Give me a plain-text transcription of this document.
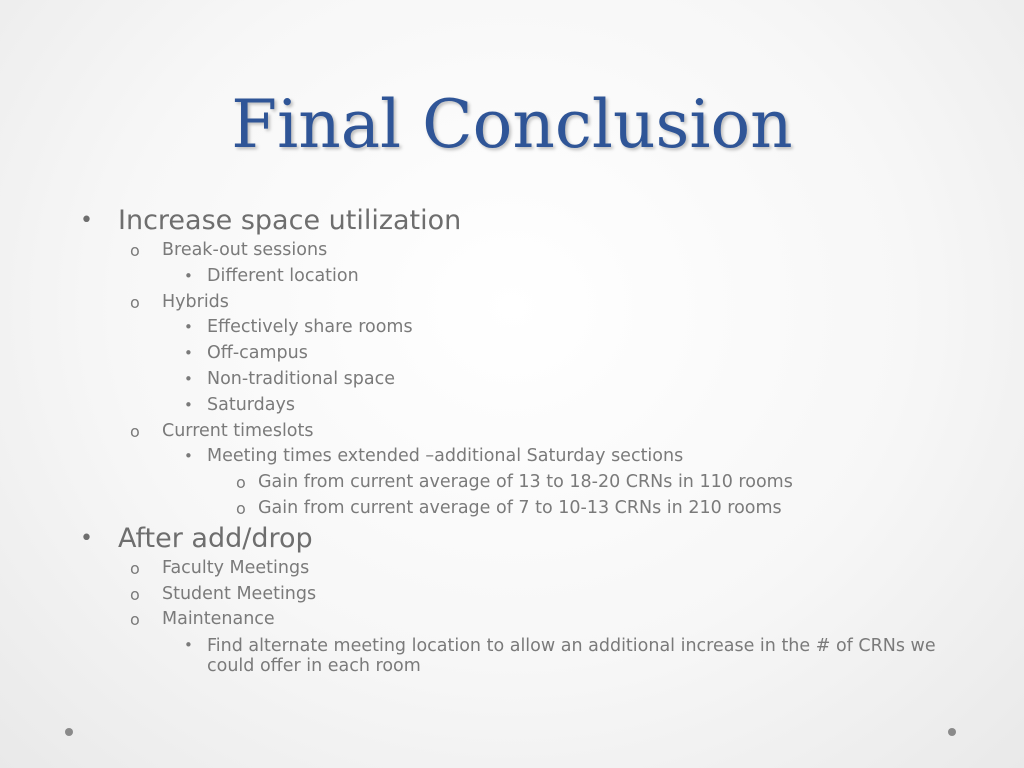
Final Conclusion
• Increase space utilization
o Break-out sessions
• Different location
o Hybrids
• Effectively share rooms
• Off-campus
• Non-traditional space
• Saturdays
o Current timeslots
• Meeting times extended –additional Saturday sections
o Gain from current average of 13 to 18-20 CRNs in 110 rooms
o Gain from current average of 7 to 10-13 CRNs in 210 rooms
• After add/drop
o Faculty Meetings
o Student Meetings
o Maintenance
• Find alternate meeting location to allow an additional increase in the # of CRNs we could offer in each room
